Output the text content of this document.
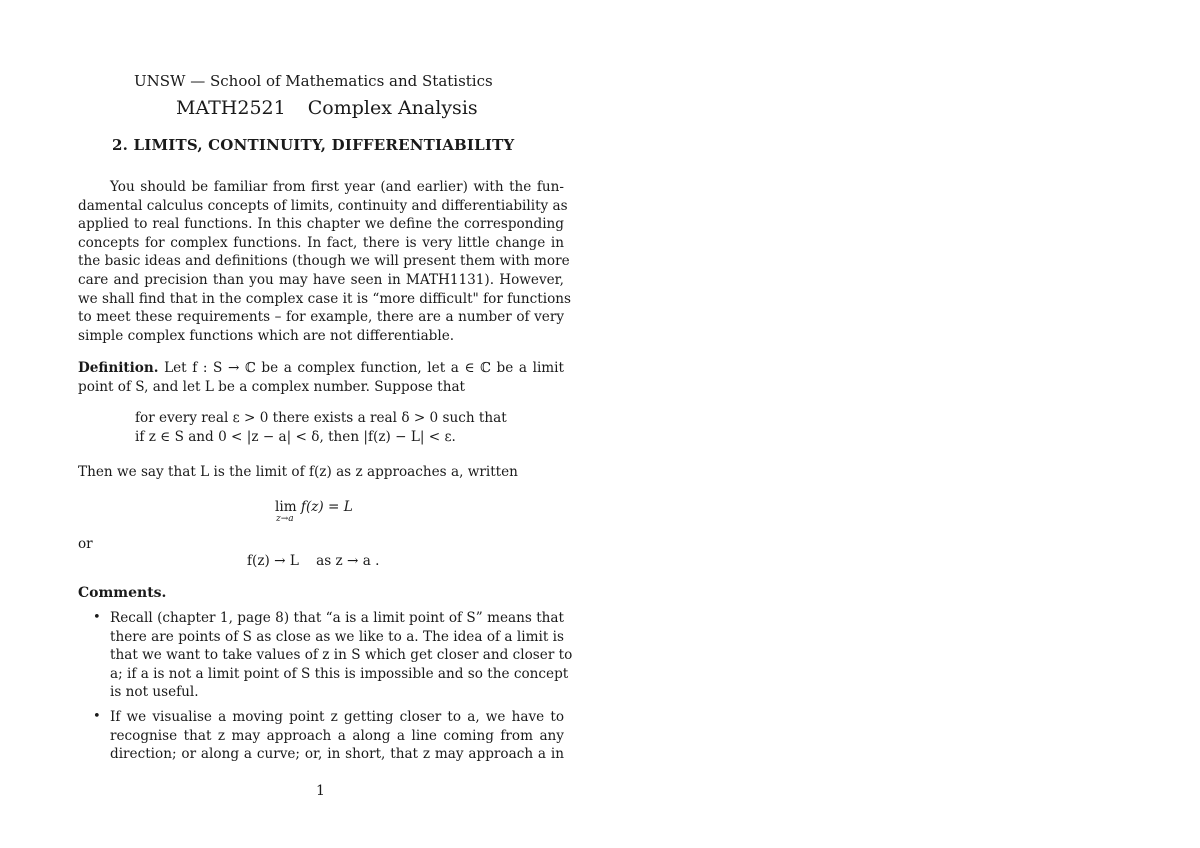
UNSW — School of Mathematics and Statistics
MATH2521 Complex Analysis
2. LIMITS, CONTINUITY, DIFFERENTIABILITY
You should be familiar from first year (and earlier) with the fun-
damental calculus concepts of limits, continuity and differentiability as
applied to real functions. In this chapter we define the corresponding
concepts for complex functions. In fact, there is very little change in
the basic ideas and definitions (though we will present them with more
care and precision than you may have seen in MATH1131). However,
we shall find that in the complex case it is “more difficult" for functions
to meet these requirements – for example, there are a number of very
simple complex functions which are not differentiable.
Definition. Let f : S → ℂ be a complex function, let a ∈ ℂ be a limit
point of S, and let L be a complex number. Suppose that
for every real ε > 0 there exists a real δ > 0 such that
if z ∈ S and 0 < |z − a| < δ, then |f(z) − L| < ε.
Then we say that L is the limit of f(z) as z approaches a, written
lim
z→a
f(z) = L
or
f(z) → L    as z → a .
Comments.
• Recall (chapter 1, page 8) that “a is a limit point of S” means that
there are points of S as close as we like to a. The idea of a limit is
that we want to take values of z in S which get closer and closer to
a; if a is not a limit point of S this is impossible and so the concept
is not useful.
• If we visualise a moving point z getting closer to a, we have to
recognise that z may approach a along a line coming from any
direction; or along a curve; or, in short, that z may approach a in
1
